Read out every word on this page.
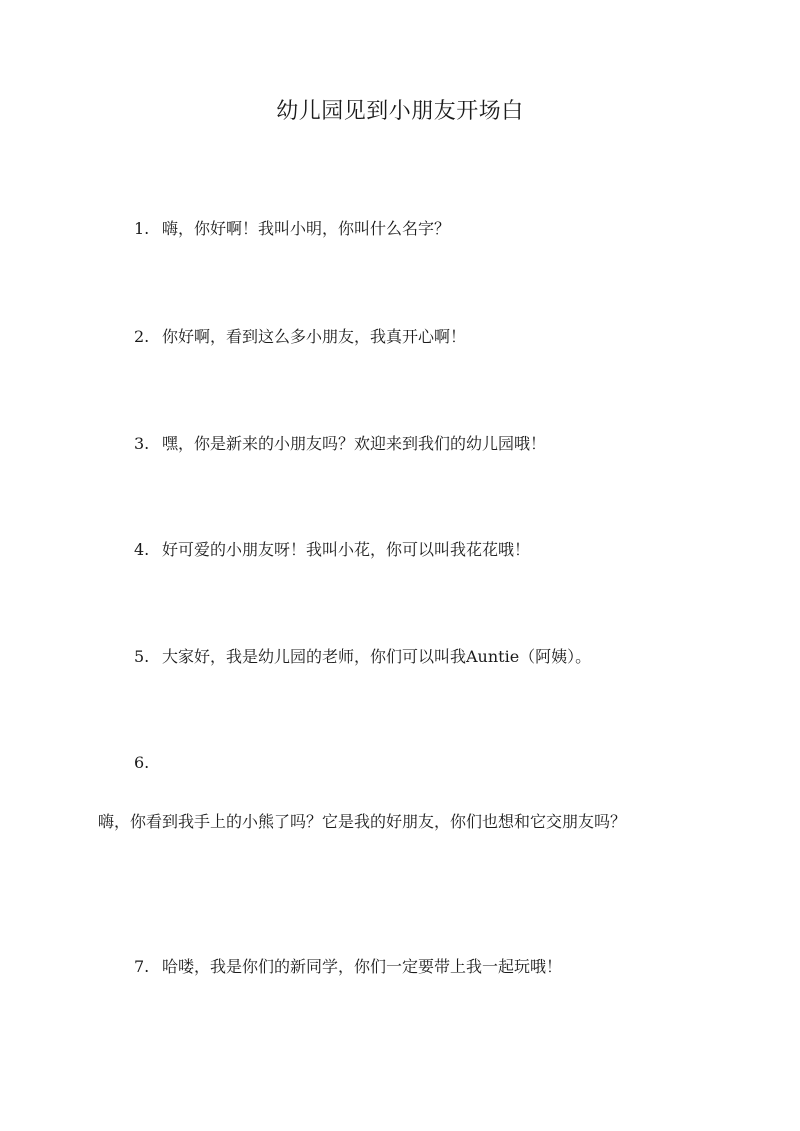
幼儿园见到小朋友开场白
1. 嗨，你好啊！我叫小明，你叫什么名字？
2. 你好啊，看到这么多小朋友，我真开心啊！
3. 嘿，你是新来的小朋友吗？欢迎来到我们的幼儿园哦！
4. 好可爱的小朋友呀！我叫小花，你可以叫我花花哦！
5. 大家好，我是幼儿园的老师，你们可以叫我Auntie（阿姨）。
6.
嗨，你看到我手上的小熊了吗？它是我的好朋友，你们也想和它交朋友吗？
7. 哈喽，我是你们的新同学，你们一定要带上我一起玩哦！
